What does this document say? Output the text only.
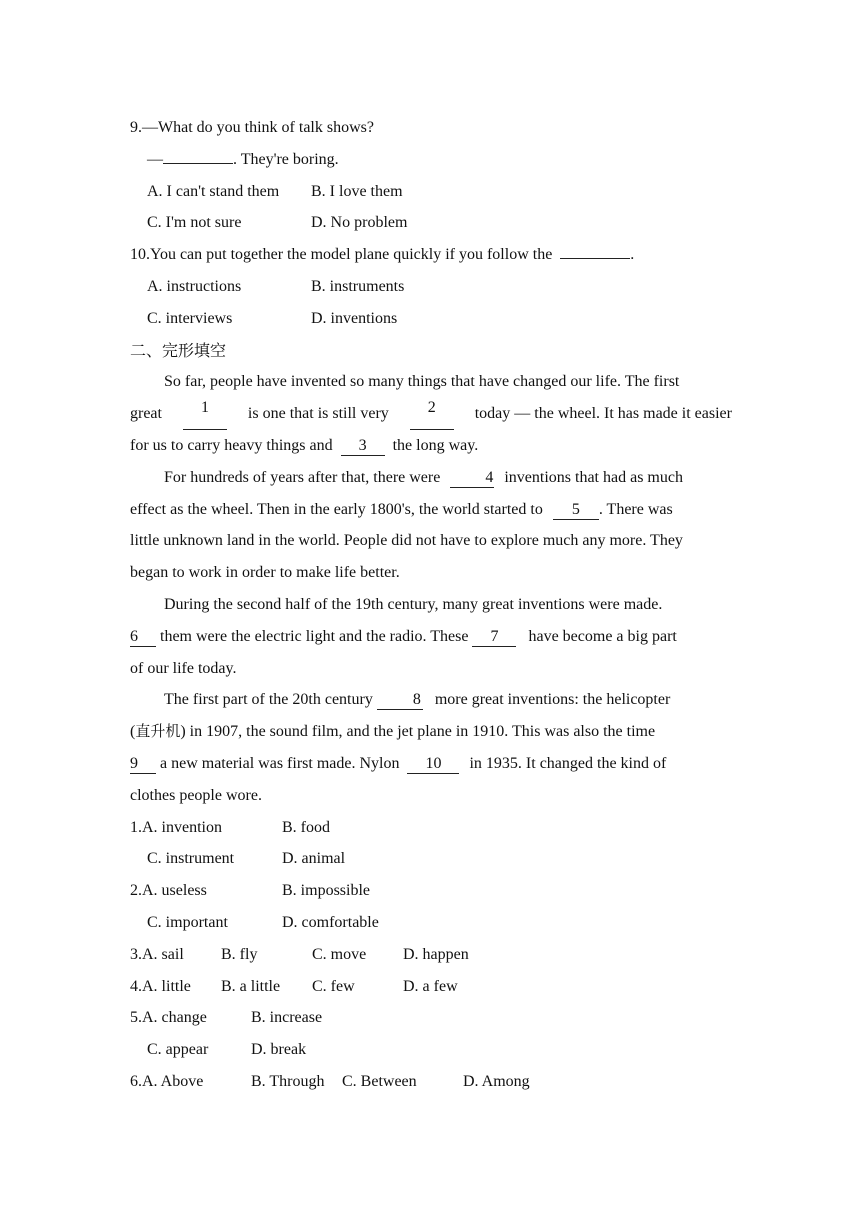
9.—What do you think of talk shows?
—	. They're boring.
A. I can't stand them B. I love them
C. I'm not sure	D. No problem
10.You can put together the model plane quickly if you follow the	.
A. instructions	B. instruments
C. interviews	D. inventions
二、完形填空
So far, people have invented so many things that have changed our life. The first
great	1	is one that is still very	2	today — the wheel. It has made it easier
for us to carry heavy things and 3 the long way.
For hundreds of years after that, there were	4 inventions that had as much
effect as the wheel. Then in the early 1800's, the world started to 5 . There was
little unknown land in the world. People did not have to explore much any more. They
began to work in order to make life better.
During the second half of the 19th century, many great inventions were made.
6 them were the electric light and the radio. These 7 have become a big part
of our life today.
The first part of the 20th century 8 more great inventions: the helicopter
(直升机) in 1907, the sound film, and the jet plane in 1910. This was also the time
9 a new material was first made. Nylon 10 in 1935. It changed the kind of
clothes people wore.
1.A. invention	B. food
C. instrument	D. animal
2.A. useless	B. impossible
C. important	D. comfortable
3.A. sail B. fly	C. move D. happen
4.A. little B. a little C. few	D. a few
5.A. change	B. increase
C. appear	D. break
6.A. Above	B. Through C. Between	D. Among
